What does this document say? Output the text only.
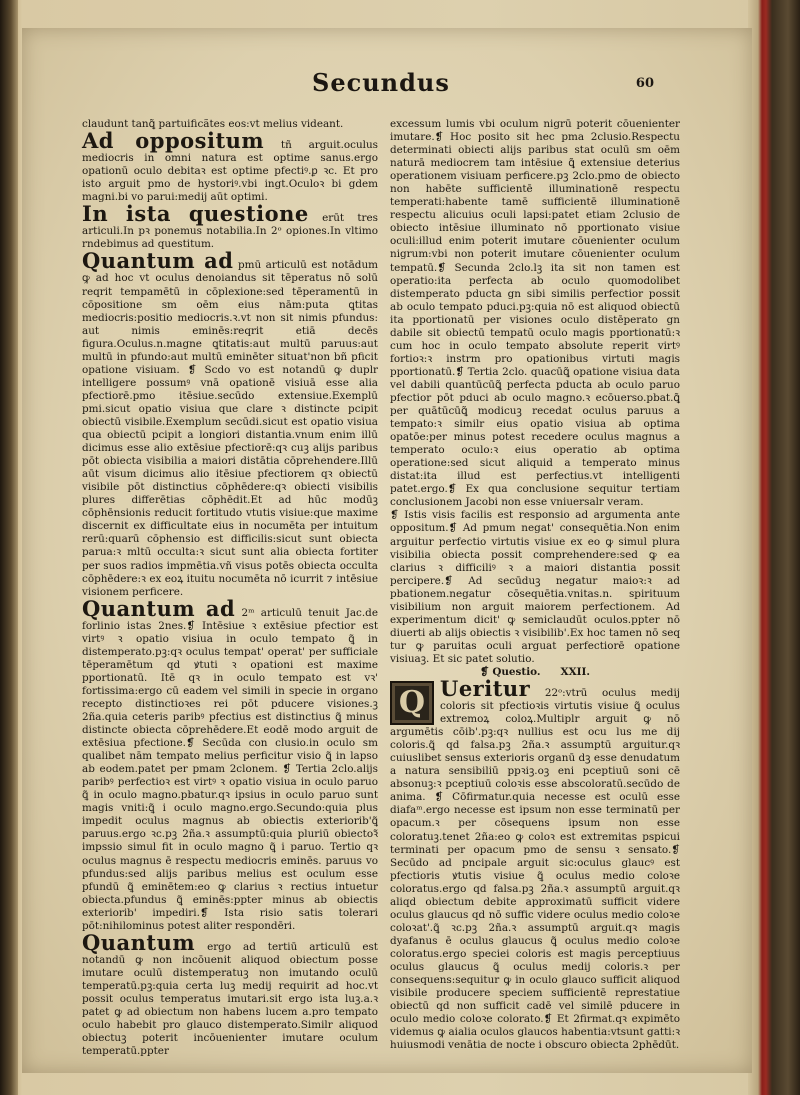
Secundus	60

claudunt tanꝗ̃ partuificãtes eos:vt melius videant.

Ad oppositum tñ arguit.oculus mediocris in omni natura est optime sanus.ergo opationū oculo debitaꝛ est optime pfectiꝰ.ꝑ ꝛc. Et pro isto arguit pmo de hystoriꝰ.vbi ingt.Oculoꝛ bi gdem magni.bi vo parui:medij aūt optimi.

In ista questione erūt tres articuli.In pꝛ ponemus notabilia.In 2ᵒ opiones.In vltimo rndebimus ad questitum.

Quantum ad pmū articulū est notādum ꝙ ad hoc vt oculus denoiandus sit tēperatus nō solū reqrit tempamētū in cōplexione:sed tēperamentū in cōpositione sm oēm eius nām:puta ꝗtitas mediocris:positio mediocris.ꝛ.vt non sit nimis pfundus: aut nimis eminēs:reqrit etiā decēs figura.Oculus.n.magne ꝗtitatis:aut multū paruus:aut multū in pfundo:aut multū eminēter situat'non bñ pficit opatione visiuam. ❡ Scdo vo est notandū ꝙ duplr intelligere possumꝰ vnā opationē visiuā esse alia pfectiorē.pmo itēsiue.secūdo extensiue.Exemplū pmi.sicut opatio visiua que clare ꝛ distincte pcipit obiectū visibile.Exemplum secūdi.sicut est opatio visiua qua obiectū pcipit a longiori distantia.vnum enim illū dicimus esse alio extēsiue pfectiorē:qꝛ cuꝫ alijs paribus pōt obiecta visibilia a maiori distātia cōprehendere.Illū aūt visum dicimus alio itēsiue pfectiorem qꝛ obiectū visibile pōt distinctius cōphēdere:qꝛ obiecti visibilis plures differētias cōphēdit.Et ad hūc modūꝫ cōphēnsionis reducit fortitudo vtutis visiue:que maxime discernit ex difficultate eius in nocumēta per intuitum rerū:quarū cōphensio est difficilis:sicut sunt obiecta parua:ꝛ mltū occulta:ꝛ sicut sunt alia obiecta fortiter per suos radios impmētia.vñ visus potēs obiecta occulta cōphēdere:ꝛ ex eoꝝ ituitu nocumēta nō icurrit ⁊ intēsiue visionem perficere.

Quantum ad 2ᵐ articulū tenuit Jac.de forlinio istas 2nes.❡ Intēsiue ꝛ extēsiue pfectior est virtꝰ ꝛ opatio visiua in oculo tempato ꝗ̃ in distemperato.pꝫ:qꝛ oculus tempat' operat' per sufficiale tēperamētum qd ꝟtuti ꝛ opationi est maxime pportionatū. Itē qꝛ in oculo tempato est vꝛ' fortissima:ergo cū eadem vel simili in specie in organo recepto distinctioꝛes rei pōt pducere visiones.ꝫ 2ña.quia ceteris paribꝰ pfectius est distinctius ꝗ̃ minus distincte obiecta cōprehēdere.Et eodē modo arguit de extēsiua pfectione.❡ Secūda con clusio.in oculo sm qualibet nām tempato melius perficitur visio ꝗ̃ in lapso ab eodem.patet per pmam 2clonem. ❡ Tertia 2clo.alijs paribꝰ perfectioꝛ est virtꝰ ꝛ opatio visiua in oculo paruo ꝗ̃ in oculo magno.pbatur.qꝛ ipsius in oculo paruo sunt magis vniti:ꝗ̃ i oculo magno.ergo.Secundo:quia plus impedit oculus magnus ab obiectis exteriorib'ꝗ̃ paruus.ergo ꝛc.pꝫ 2ña.ꝛ assumptū:quia pluriū obiectoꝛ̃ impssio simul fit in oculo magno ꝗ̃ i paruo. Tertio qꝛ oculus magnus ē respectu mediocris eminēs. paruus vo pfundus:sed alijs paribus melius est oculum esse pfundū ꝗ̃ eminētem:eo ꝙ clarius ꝛ rectius intuetur obiecta.pfundus ꝗ̃ eminēs:ppter minus ab obiectis exteriorib' impediri.❡ Ista risio satis tolerari pōt:nihilominus potest aliter respondēri.

Quantum ergo ad tertiū articulū est notandū ꝙ non incōuenit aliquod obiectum posse imutare oculū distemperatuꝫ non imutando oculū temperatū.pꝫ:quia certa luꝫ medij requirit ad hoc.vt possit oculus temperatus imutari.sit ergo ista luꝫ.a.ꝛ patet ꝙ ad obiectum non habens lucem a.pro tempato oculo habebit pro glauco distemperato.Similr aliquod obiectuꝫ poterit incōuenienter imutare oculum temperatū.ppter

excessum lumis vbi oculum nigrū poterit cōuenienter imutare.❡ Hoc posito sit hec pma 2clusio.Respectu determinati obiecti alijs paribus stat oculū sm oēm naturā mediocrem tam intēsiue ꝗ̃ extensiue deterius operationem visiuam perficere.pꝫ 2clo.pmo de obiecto non habēte sufficientē illuminationē respectu temperati:habente tamē sufficientē illuminationē respectu alicuius oculi lapsi:patet etiam 2clusio de obiecto intēsiue illuminato nō pportionato visiue oculi:illud enim poterit imutare cōuenienter oculum nigrum:vbi non poterit imutare cōuenienter oculum tempatū.❡ Secunda 2clo.lꝫ ita sit non tamen est operatio:ita perfecta ab oculo quomodolibet distemperato pducta gn sibi similis perfectior possit ab oculo tempato pduci.pꝫ:quia nō est aliquod obiectū ita pportionatū per visiones oculo distēperato gn dabile sit obiectū tempatū oculo magis pportionatū:ꝛ cum hoc in oculo tempato absolute reperit virtꝰ fortioꝛ:ꝛ instrm pro opationibus virtuti magis pportionatū.❡ Tertia 2clo. quacūꝗ̃ opatione visiua data vel dabili quantūcūꝗ̃ perfecta pducta ab oculo paruo pfectior pōt pduci ab oculo magno.ꝛ ecōuerso.pbat.ꝗ̃ per quātūcūꝗ̃ modicuꝫ recedat oculus paruus a tempato:ꝛ similr eius opatio visiua ab optima opatōe:per minus potest recedere oculus magnus a temperato oculo:ꝛ eius operatio ab optima operatione:sed sicut aliquid a temperato minus distat:ita illud est perfectius.vt intelligenti patet.ergo.❡ Ex qua conclusione sequitur tertiam conclusionem Jacobi non esse vniuersalr veram.

❡ Istis visis facilis est responsio ad argumenta ante oppositum.❡ Ad pmum negat' consequētia.Non enim arguitur perfectio virtutis visiue ex eo ꝙ simul plura visibilia obiecta possit comprehendere:sed ꝙ ea clarius ꝛ difficiliꝰ ꝛ a maiori distantia possit percipere.❡ Ad secūduꝫ negatur maioꝛ:ꝛ ad pbationem.negatur cōsequētia.vnitas.n. spirituum visibilium non arguit maiorem perfectionem. Ad experimentum dicit' ꝙ semiclaudūt oculos.ppter nō diuerti ab alijs obiectis ꝛ visibilib'.Ex hoc tamen nō seq tur ꝙ paruitas oculi arguat perfectiorē opatione visiuaꝫ. Et sic patet solutio.

❡ Questio. XXII.

Q Ueritur 22ᵒ:vtrū oculus medij coloris sit pfectioꝛis virtutis visiue ꝗ̃ oculus extremoꝝ coloꝝ.Multiplr arguit ꝙ nō argumētis cōib'.pꝫ:qꝛ nullius est ocu lus me dij coloris.ꝗ̃ qd falsa.pꝫ 2ña.ꝛ assumptū arguitur.qꝛ cuiuslibet sensus exterioris organū dꝫ esse denudatum a natura sensibiliū ppꝛiꝫ.oꝫ eni pceptiuū soni cē absonuꝫ:ꝛ pceptiuū coloꝛis esse abscoloratū.secūdo de anima. ❡ Cōfirmatur.quia necesse est oculū esse diafaᵐ.ergo necesse est ipsum non esse terminatū per opacum.ꝛ per cōsequens ipsum non esse coloratuꝫ.tenet 2ña:eo ꝙ coloꝛ est extremitas pspicui terminati per opacum pmo de sensu ꝛ sensato.❡ Secūdo ad pncipale arguit sic:oculus glaucꝰ est pfectioris ꝟtutis visiue ꝗ̃ oculus medio coloꝛe coloratus.ergo qd falsa.pꝫ 2ña.ꝛ assumptū arguit.qꝛ aliqd obiectum debite approximatū sufficit videre oculus glaucus qd nō suffic videre oculus medio coloꝛe coloꝛat'.ꝗ̃ ꝛc.pꝫ 2ña.ꝛ assumptū arguit.qꝛ magis dyafanus ē oculus glaucus ꝗ̃ oculus medio coloꝛe coloratus.ergo speciei coloris est magis perceptiuus oculus glaucus ꝗ̃ oculus medij coloris.ꝛ per consequens:sequitur ꝙ in oculo glauco sufficit aliquod visibile producere speciem sufficientē represtatiue obiectū qd non sufficit cadē vel similē pducere in oculo medio coloꝛe colorato.❡ Et 2firmat.qꝛ expimēto videmus ꝙ aialia oculos glaucos habentia:vtsunt gatti:ꝛ huiusmodi venātia de nocte i obscuro obiecta 2phēdūt.
